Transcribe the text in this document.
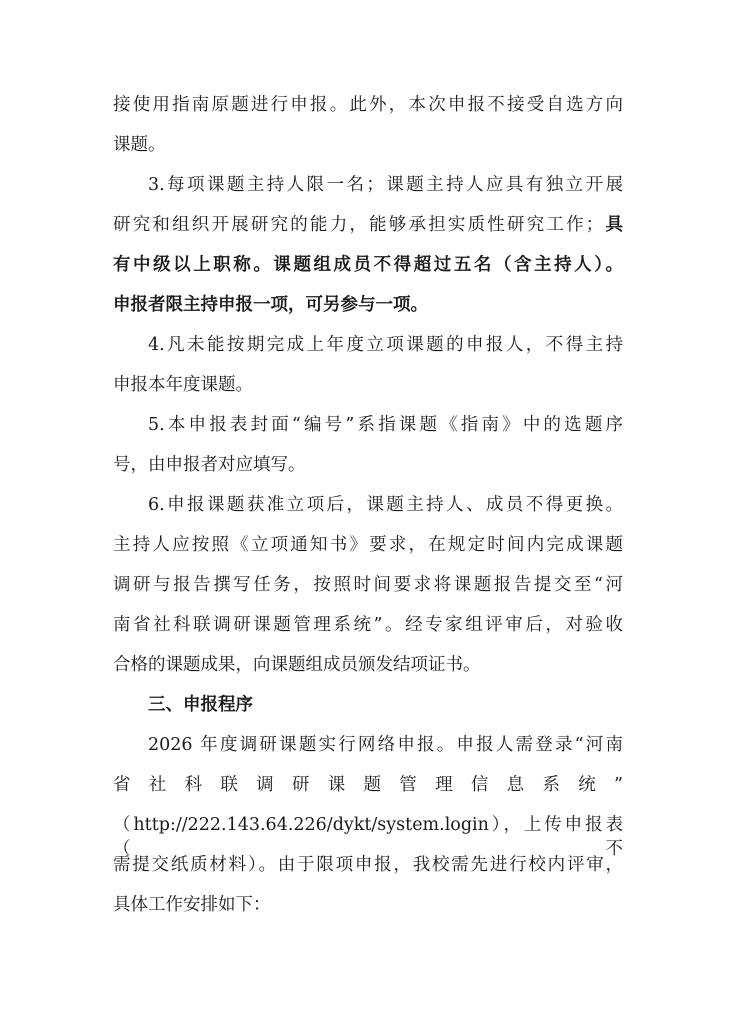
接使用指南原题进行申报。此外，本次申报不接受自选方向

课题。

3.每项课题主持人限一名；课题主持人应具有独立开展

研究和组织开展研究的能力，能够承担实质性研究工作；具

有中级以上职称。课题组成员不得超过五名（含主持人）。

申报者限主持申报一项，可另参与一项。

4.凡未能按期完成上年度立项课题的申报人，不得主持

申报本年度课题。

5.本申报表封面“编号”系指课题《指南》中的选题序

号，由申报者对应填写。

6.申报课题获准立项后，课题主持人、成员不得更换。

主持人应按照《立项通知书》要求，在规定时间内完成课题

调研与报告撰写任务，按照时间要求将课题报告提交至“河

南省社科联调研课题管理系统”。经专家组评审后，对验收

合格的课题成果，向课题组成员颁发结项证书。

三、申报程序

2026 年度调研课题实行网络申报。申报人需登录“河南

省社科联调研课题管理信息系统”

（http://222.143.64.226/dykt/system.login），上传申报表（不

需提交纸质材料）。由于限项申报，我校需先进行校内评审，

具体工作安排如下：
